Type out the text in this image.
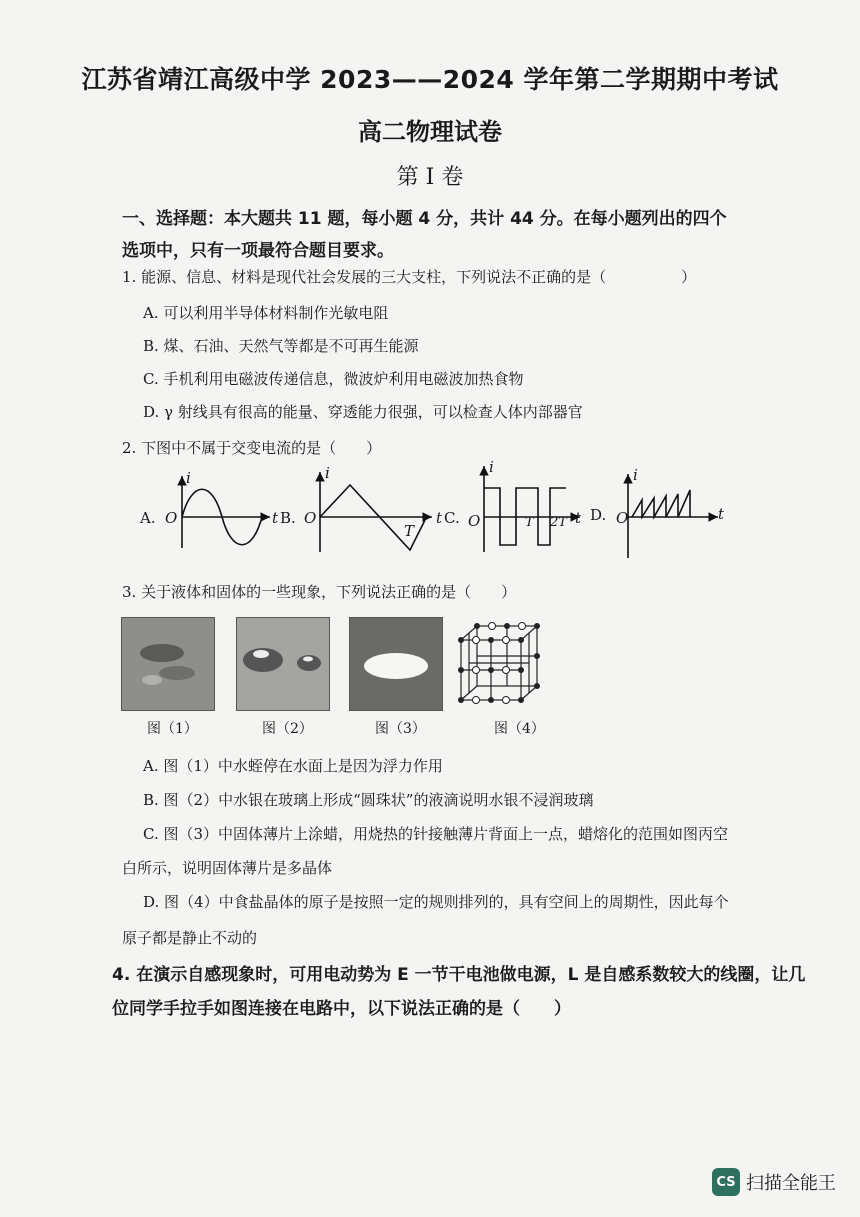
江苏省靖江高级中学 2023——2024 学年第二学期期中考试
高二物理试卷
第 I 卷
一、选择题：本大题共 11 题，每小题 4 分，共计 44 分。在每小题列出的四个
选项中，只有一项最符合题目要求。
1. 能源、信息、材料是现代社会发展的三大支柱，下列说法不正确的是（　　　　　）
A. 可以利用半导体材料制作光敏电阻
B. 煤、石油、天然气等都是不可再生能源
C. 手机利用电磁波传递信息，微波炉利用电磁波加热食物
D. γ 射线具有很高的能量、穿透能力很强，可以检查人体内部器官
2. 下图中不属于交变电流的是（　　）
A. O
i
t B. O
i
T
t C. O
i
T 2T t D. O
i
t
3. 关于液体和固体的一些现象，下列说法正确的是（　　）
图（1）	图（2）	图（3）	图（4）
A. 图（1）中水蛭停在水面上是因为浮力作用
B. 图（2）中水银在玻璃上形成“圆珠状”的液滴说明水银不浸润玻璃
C. 图（3）中固体薄片上涂蜡，用烧热的针接触薄片背面上一点，蜡熔化的范围如图丙空
白所示，说明固体薄片是多晶体
D. 图（4）中食盐晶体的原子是按照一定的规则排列的，具有空间上的周期性，因此每个
原子都是静止不动的
4. 在演示自感现象时，可用电动势为 E 一节干电池做电源，L 是自感系数较大的线圈，让几
位同学手拉手如图连接在电路中，以下说法正确的是（　　）
CS 扫描全能王
